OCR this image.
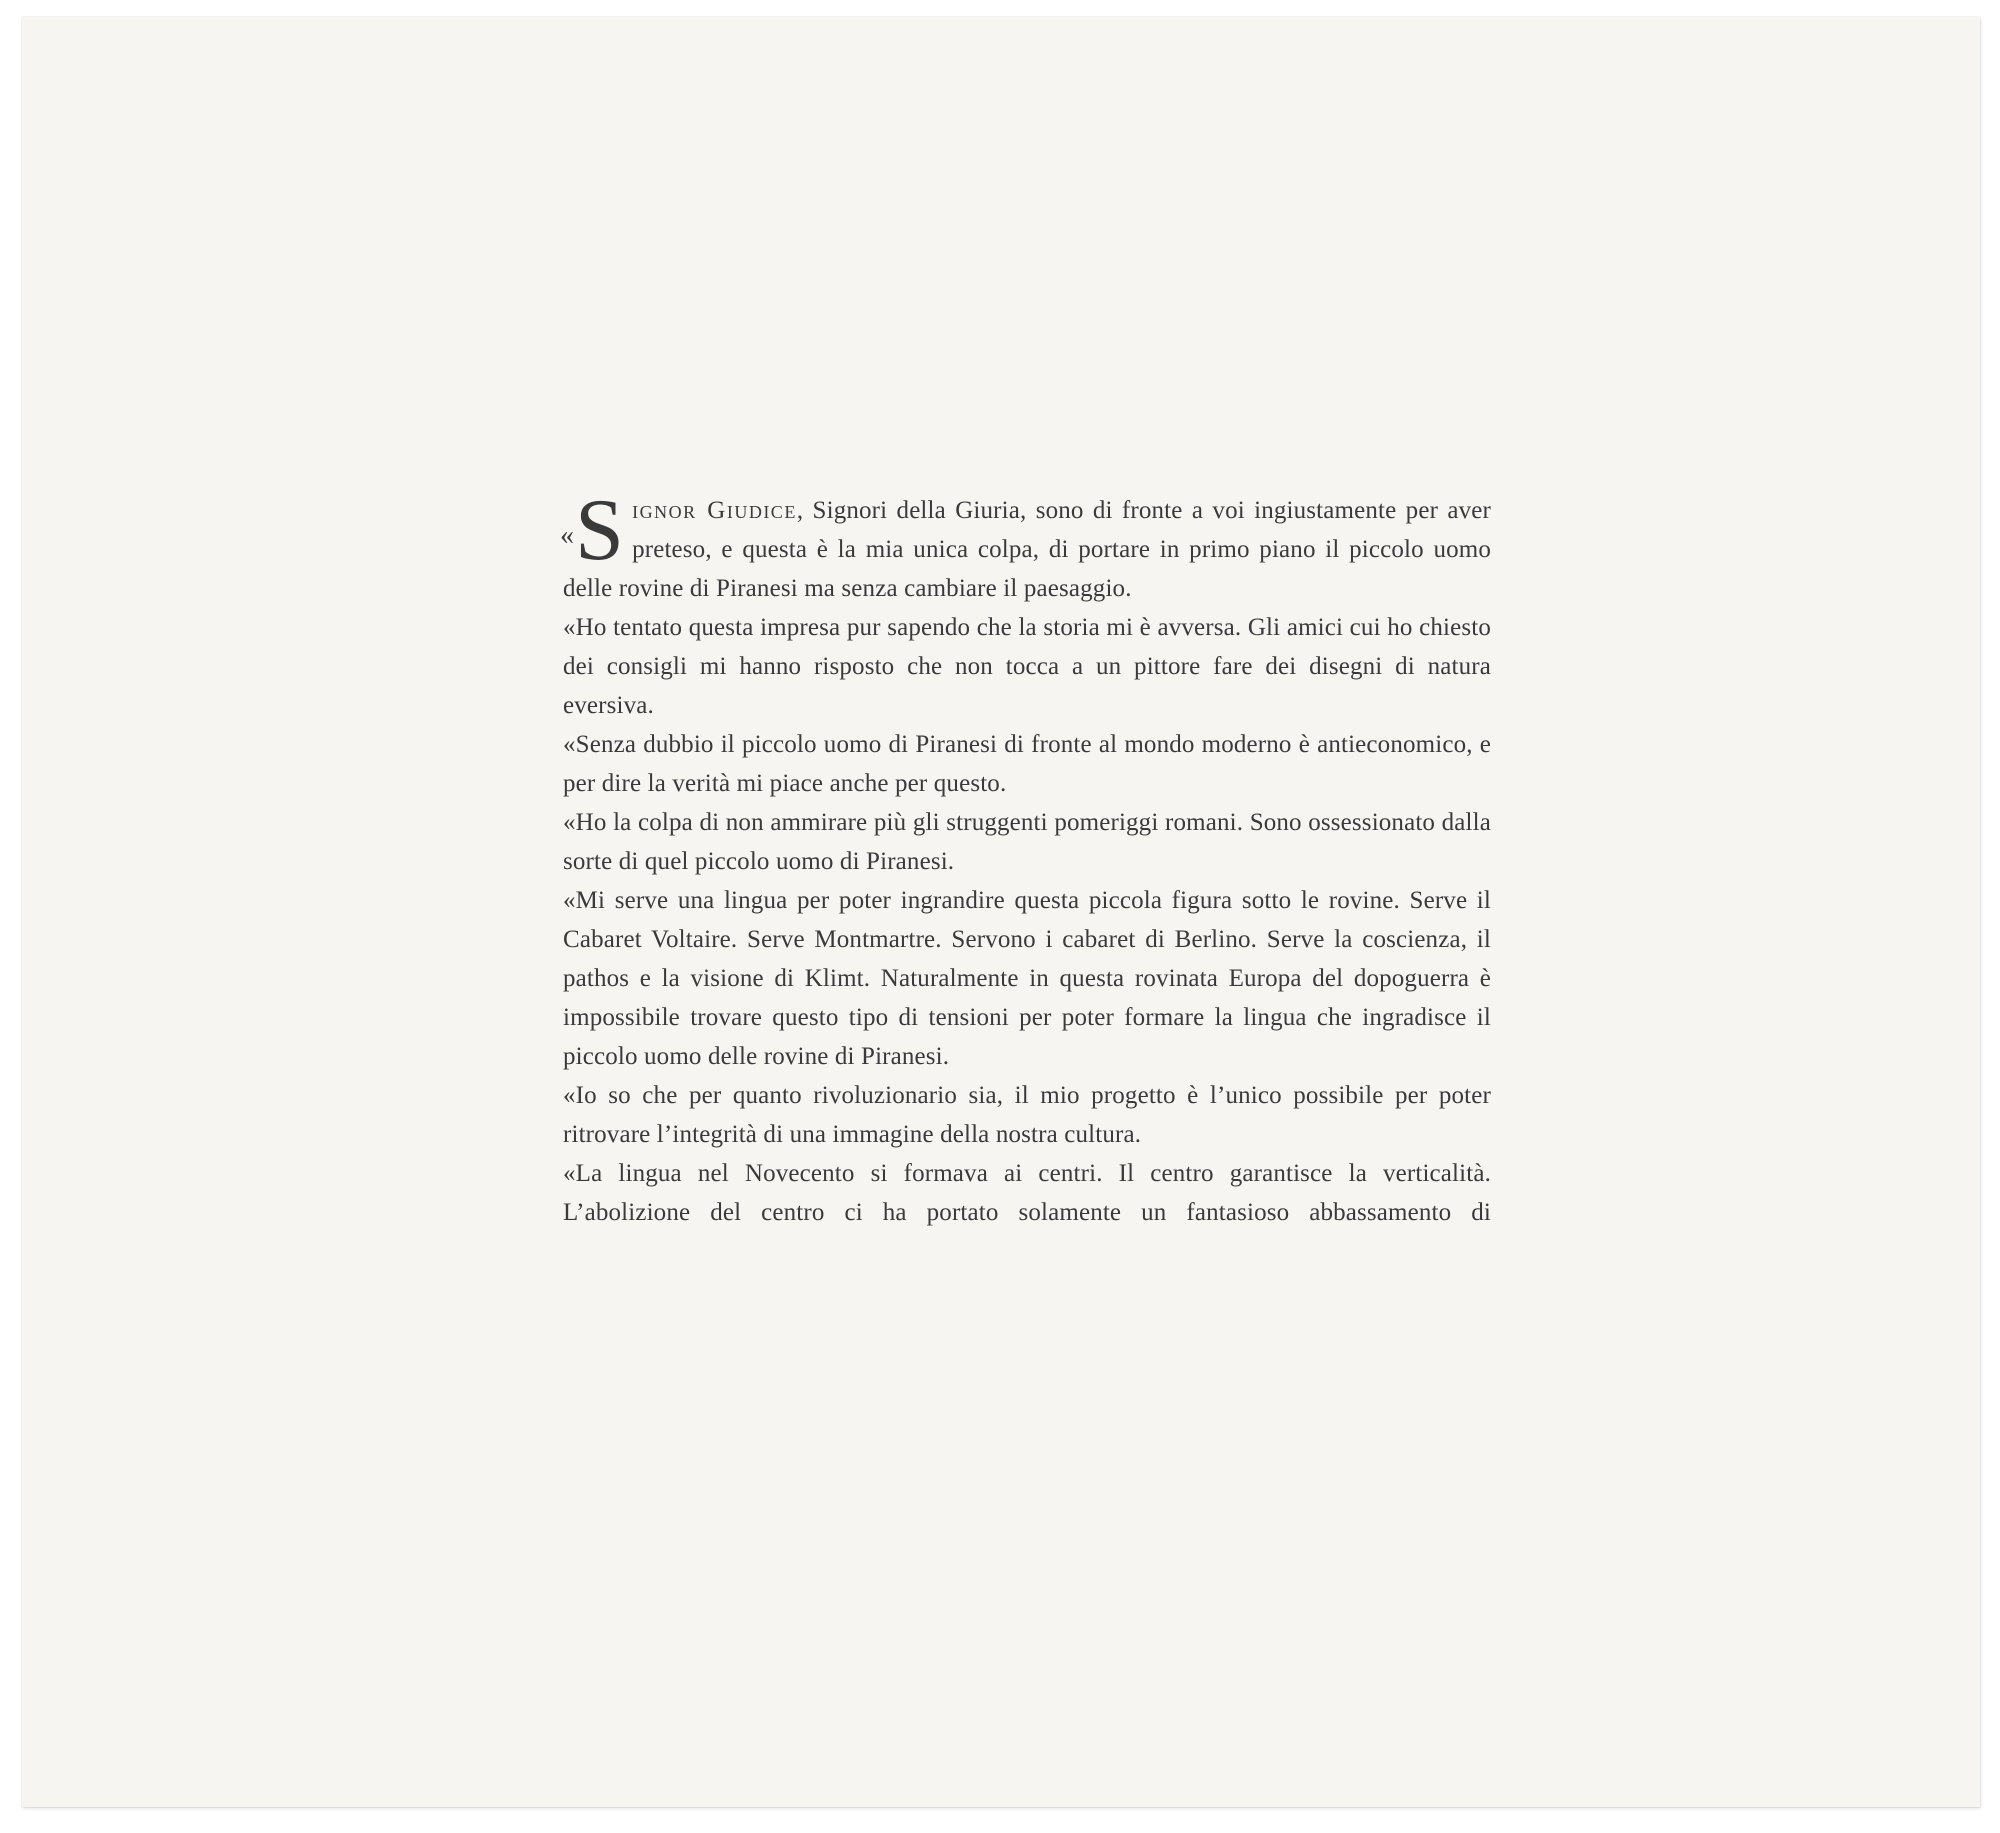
« Signor Giudice, Signori della Giuria, sono di fronte a voi ingiustamente per aver preteso, e questa è la mia unica colpa, di portare in primo piano il piccolo uomo delle rovine di Piranesi ma senza cambiare il paesaggio.

«Ho tentato questa impresa pur sapendo che la storia mi è avversa. Gli amici cui ho chiesto dei consigli mi hanno risposto che non tocca a un pittore fare dei disegni di natura eversiva.

«Senza dubbio il piccolo uomo di Piranesi di fronte al mondo moderno è antieconomico, e per dire la verità mi piace anche per questo.

«Ho la colpa di non ammirare più gli struggenti pomeriggi romani. Sono ossessionato dalla sorte di quel piccolo uomo di Piranesi.

«Mi serve una lingua per poter ingrandire questa piccola figura sotto le rovine. Serve il Cabaret Voltaire. Serve Montmartre. Servono i cabaret di Berlino. Serve la coscienza, il pathos e la visione di Klimt. Naturalmente in questa rovinata Europa del dopoguerra è impossibile trovare questo tipo di tensioni per poter formare la lingua che ingradisce il piccolo uomo delle rovine di Piranesi.

«Io so che per quanto rivoluzionario sia, il mio progetto è l’unico possibile per poter ritrovare l’integrità di una immagine della nostra cultura.

«La lingua nel Novecento si formava ai centri. Il centro garantisce la verticalità. L’abolizione del centro ci ha portato solamente un fantasioso abbassamento di
